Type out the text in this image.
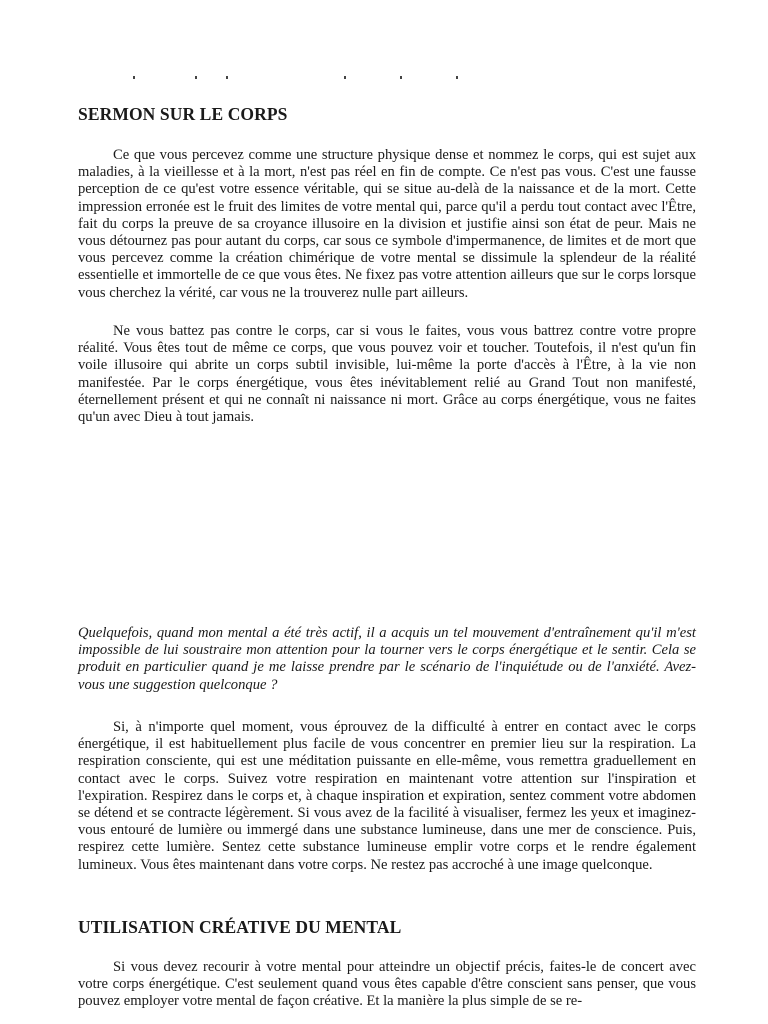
SERMON SUR LE CORPS

Ce que vous percevez comme une structure physique dense et nommez le corps, qui est sujet aux maladies, à la vieillesse et à la mort, n'est pas réel en fin de compte. Ce n'est pas vous. C'est une fausse perception de ce qu'est votre essence véritable, qui se situe au-delà de la naissance et de la mort. Cette impression erronée est le fruit des limites de votre mental qui, parce qu'il a perdu tout contact avec l'Être, fait du corps la preuve de sa croyance illusoire en la division et justifie ainsi son état de peur. Mais ne vous détournez pas pour autant du corps, car sous ce symbole d'impermanence, de limites et de mort que vous percevez comme la création chimérique de votre mental se dissimule la splendeur de la réalité essentielle et immortelle de ce que vous êtes. Ne fixez pas votre attention ailleurs que sur le corps lorsque vous cherchez la vérité, car vous ne la trouverez nulle part ailleurs.

Ne vous battez pas contre le corps, car si vous le faites, vous vous battrez contre votre propre réalité. Vous êtes tout de même ce corps, que vous pouvez voir et toucher. Toutefois, il n'est qu'un fin voile illusoire qui abrite un corps subtil invisible, lui-même la porte d'accès à l'Être, à la vie non manifestée. Par le corps énergétique, vous êtes inévitablement relié au Grand Tout non manifesté, éternellement présent et qui ne connaît ni naissance ni mort. Grâce au corps énergétique, vous ne faites qu'un avec Dieu à tout jamais.

Quelquefois, quand mon mental a été très actif, il a acquis un tel mouvement d'entraînement qu'il m'est impossible de lui soustraire mon attention pour la tourner vers le corps énergétique et le sentir. Cela se produit en particulier quand je me laisse prendre par le scénario de l'inquiétude ou de l'anxiété. Avez-vous une suggestion quelconque ?

Si, à n'importe quel moment, vous éprouvez de la difficulté à entrer en contact avec le corps énergétique, il est habituellement plus facile de vous concentrer en premier lieu sur la respiration. La respiration consciente, qui est une méditation puissante en elle-même, vous remettra graduellement en contact avec le corps. Suivez votre respiration en maintenant votre attention sur l'inspiration et l'expiration. Respirez dans le corps et, à chaque inspiration et expiration, sentez comment votre abdomen se détend et se contracte légèrement. Si vous avez de la facilité à visualiser, fermez les yeux et imaginez-vous entouré de lumière ou immergé dans une substance lumineuse, dans une mer de conscience. Puis, respirez cette lumière. Sentez cette substance lumineuse emplir votre corps et le rendre également lumineux. Vous êtes maintenant dans votre corps. Ne restez pas accroché à une image quelconque.

UTILISATION CRÉATIVE DU MENTAL

Si vous devez recourir à votre mental pour atteindre un objectif précis, faites-le de concert avec votre corps énergétique. C'est seulement quand vous êtes capable d'être conscient sans penser, que vous pouvez employer votre mental de façon créative. Et la manière la plus simple de se re-
